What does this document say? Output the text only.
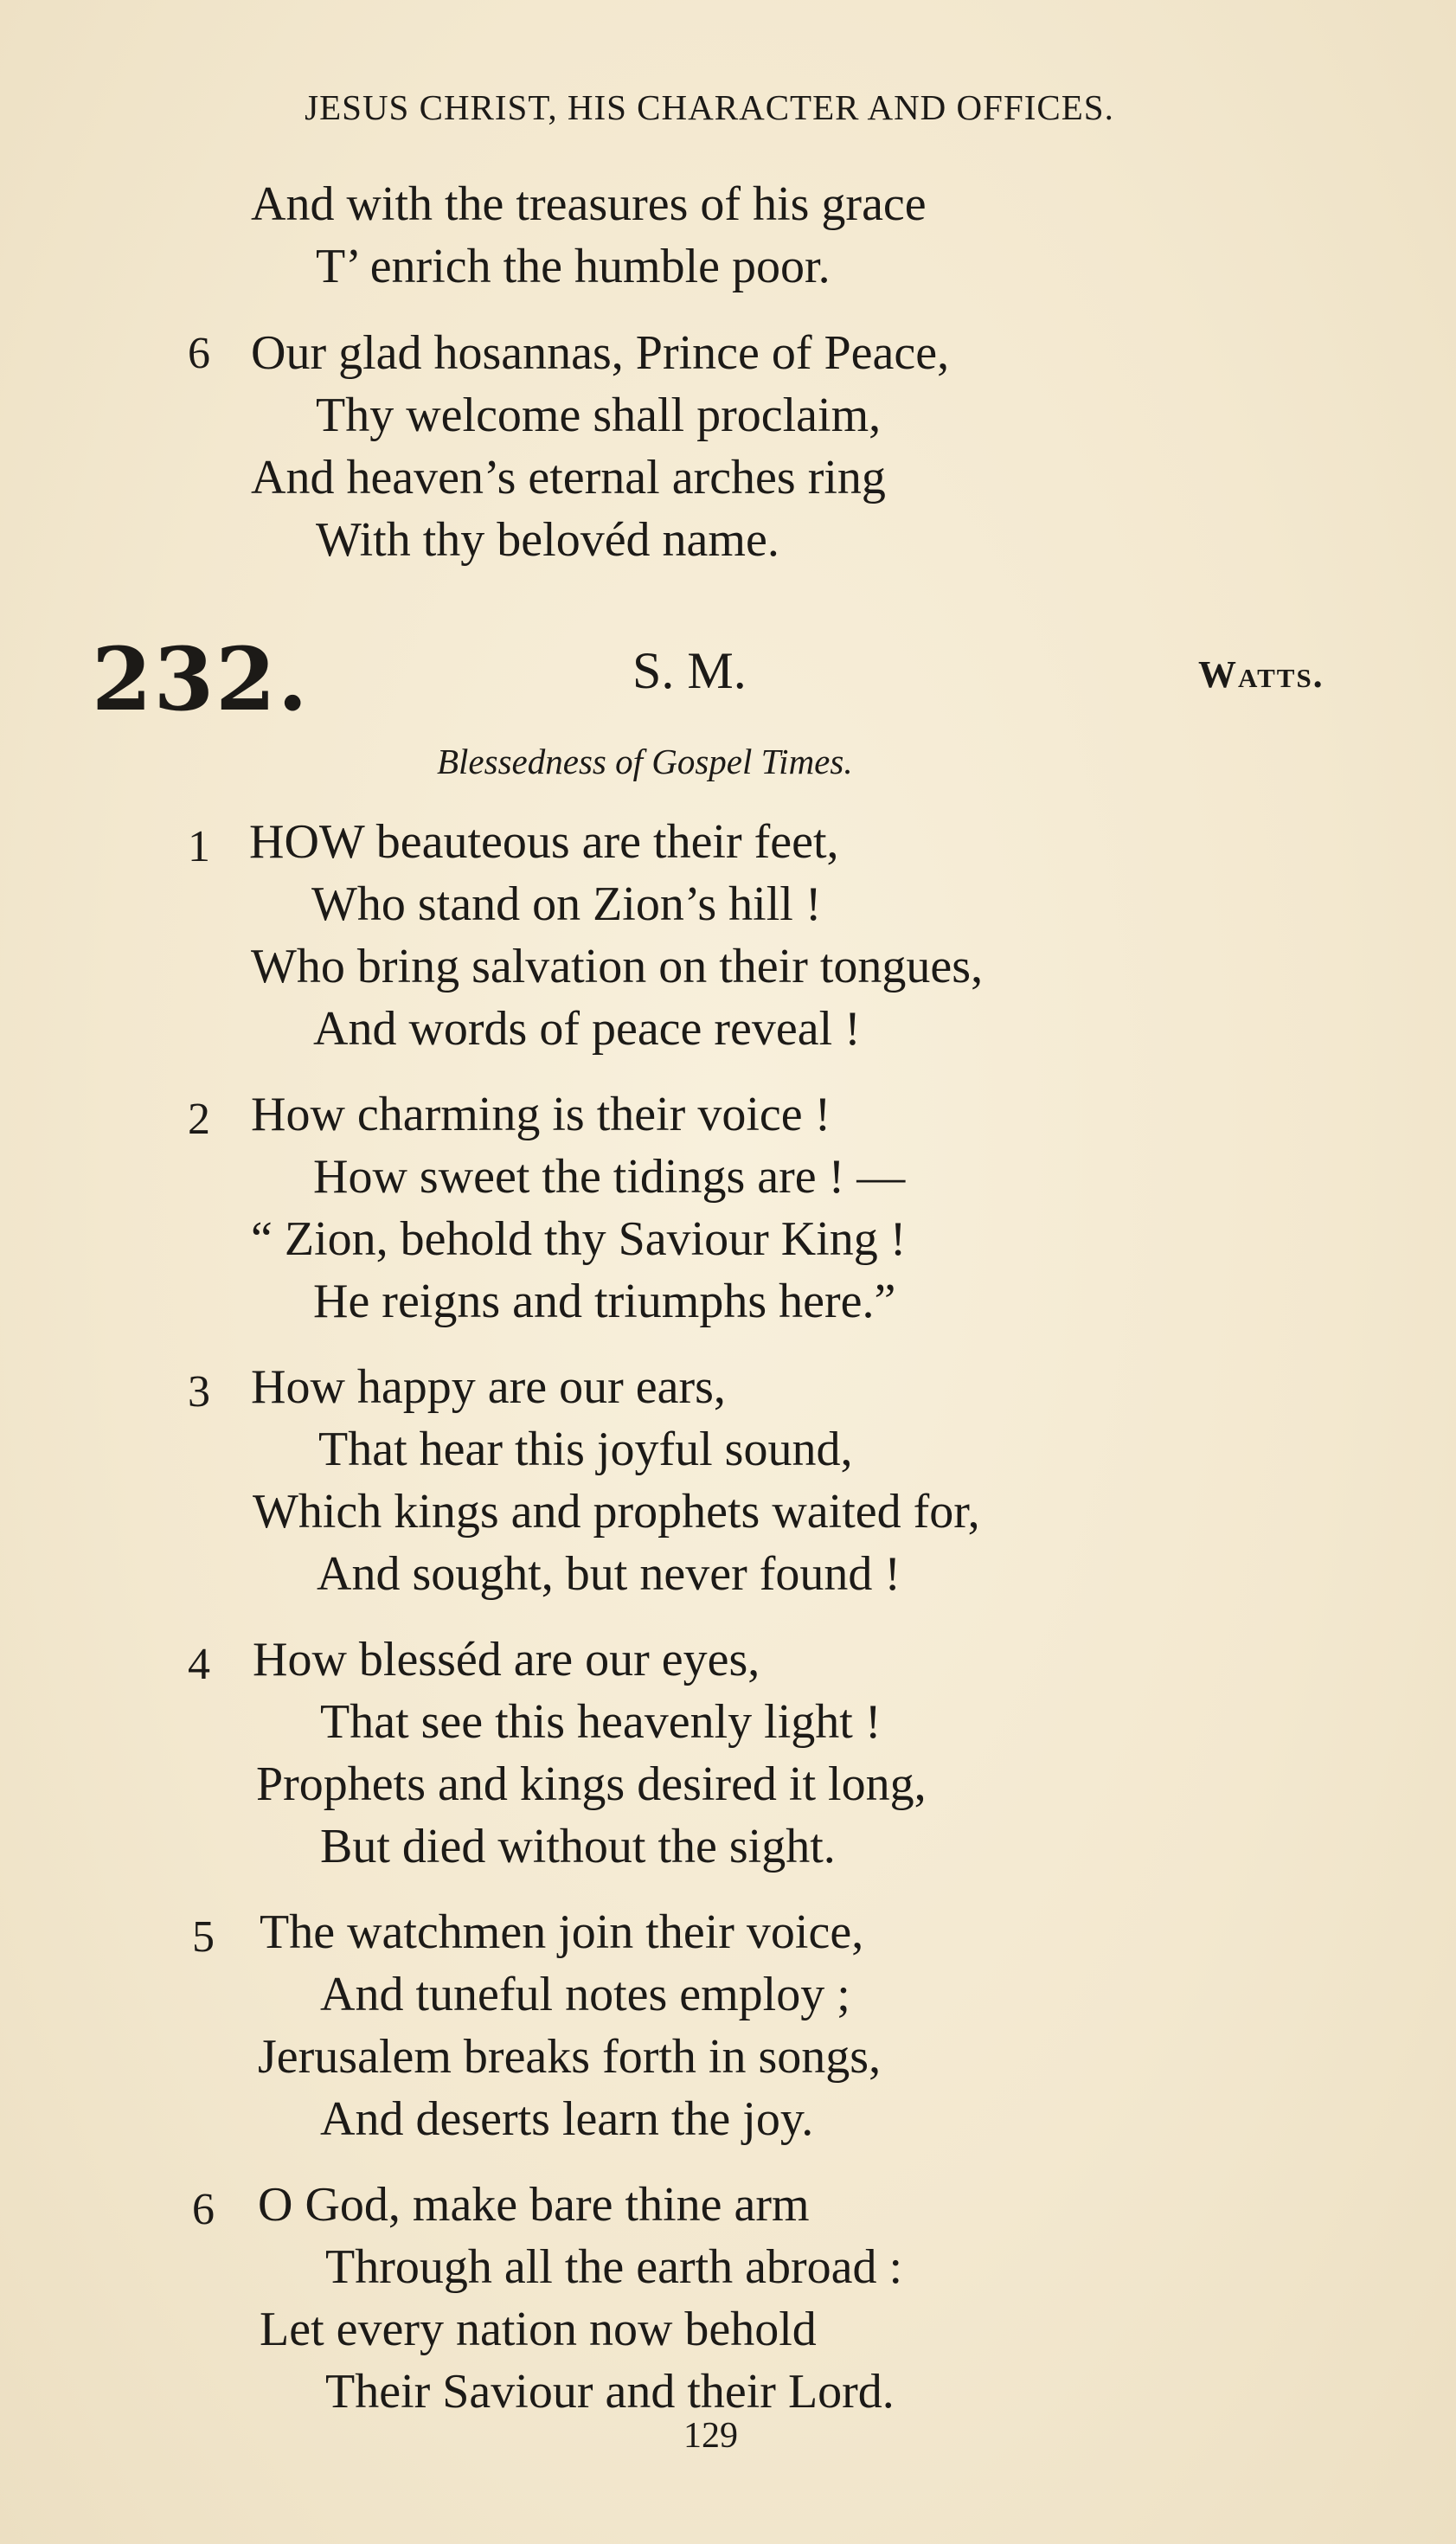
JESUS CHRIST, HIS CHARACTER AND OFFICES.
And with the treasures of his grace
T’ enrich the humble poor.
6 Our glad hosannas, Prince of Peace,
Thy welcome shall proclaim,
And heaven’s eternal arches ring
With thy belovéd name.
232.	S. M.	Watts.
Blessedness of Gospel Times.
1 HOW beauteous are their feet,
Who stand on Zion’s hill !
Who bring salvation on their tongues,
And words of peace reveal !
2 How charming is their voice !
How sweet the tidings are ! —
“ Zion, behold thy Saviour King !
He reigns and triumphs here.”
3 How happy are our ears,
That hear this joyful sound,
Which kings and prophets waited for,
And sought, but never found !
4 How blesséd are our eyes,
That see this heavenly light !
Prophets and kings desired it long,
But died without the sight.
5 The watchmen join their voice,
And tuneful notes employ ;
Jerusalem breaks forth in songs,
And deserts learn the joy.
6 O God, make bare thine arm
Through all the earth abroad :
Let every nation now behold
Their Saviour and their Lord.
129
